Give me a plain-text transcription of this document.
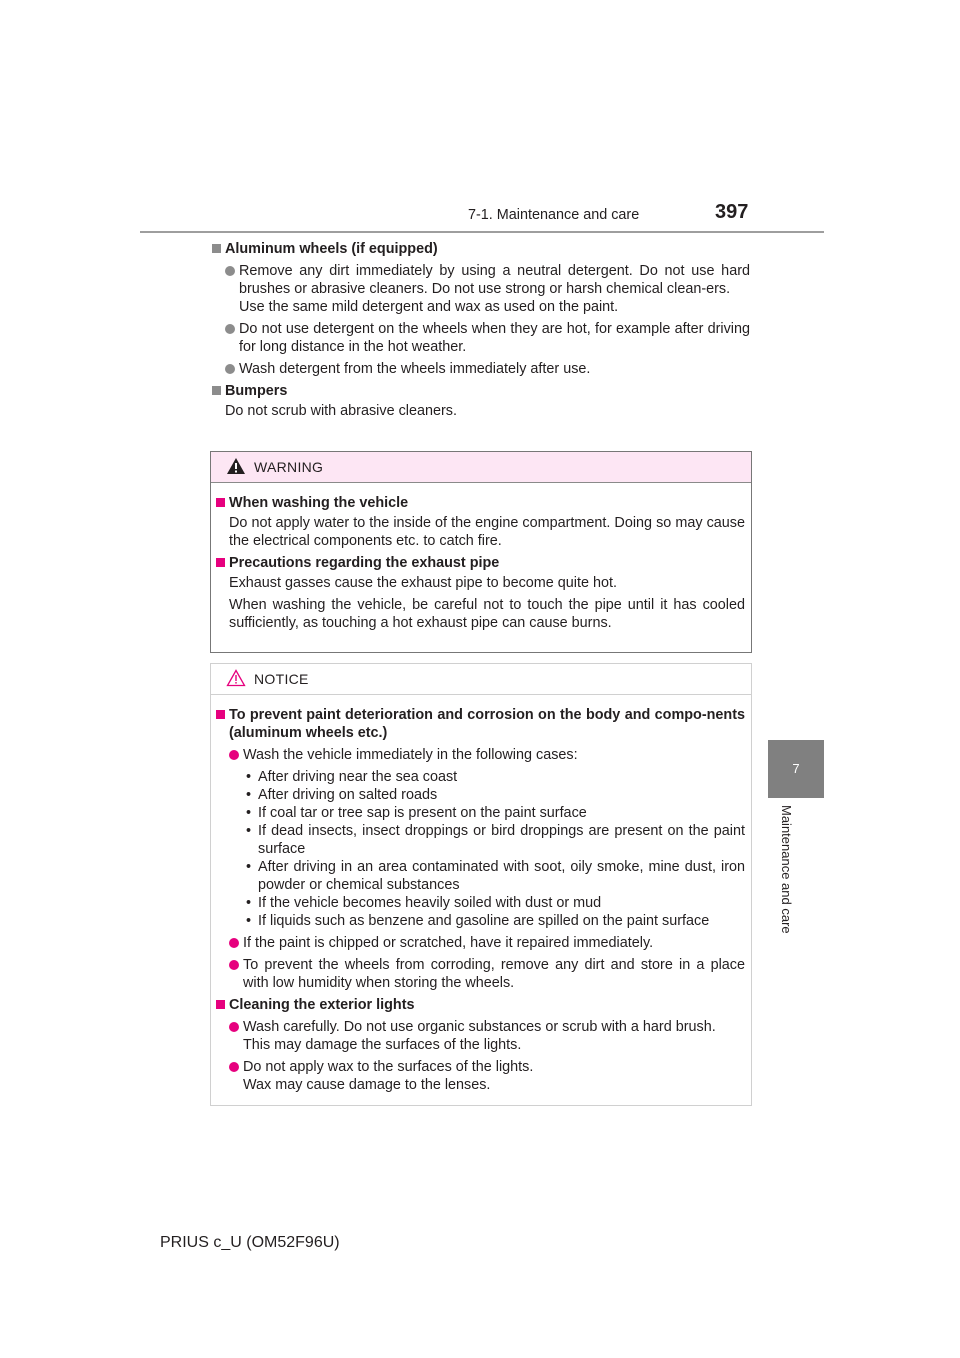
7-1. Maintenance and care	397
7
Maintenance and care
Aluminum wheels (if equipped)
Remove any dirt immediately by using a neutral detergent. Do not use hard brushes or abrasive cleaners. Do not use strong or harsh chemical clean-ers.
Use the same mild detergent and wax as used on the paint.
Do not use detergent on the wheels when they are hot, for example after driving for long distance in the hot weather.
Wash detergent from the wheels immediately after use.
Bumpers
Do not scrub with abrasive cleaners.
WARNING
When washing the vehicle
Do not apply water to the inside of the engine compartment. Doing so may cause the electrical components etc. to catch fire.
Precautions regarding the exhaust pipe
Exhaust gasses cause the exhaust pipe to become quite hot.
When washing the vehicle, be careful not to touch the pipe until it has cooled sufficiently, as touching a hot exhaust pipe can cause burns.
NOTICE
To prevent paint deterioration and corrosion on the body and compo-nents (aluminum wheels etc.)
Wash the vehicle immediately in the following cases:
• After driving near the sea coast
• After driving on salted roads
• If coal tar or tree sap is present on the paint surface
• If dead insects, insect droppings or bird droppings are present on the paint surface
• After driving in an area contaminated with soot, oily smoke, mine dust, iron powder or chemical substances
• If the vehicle becomes heavily soiled with dust or mud
• If liquids such as benzene and gasoline are spilled on the paint surface
If the paint is chipped or scratched, have it repaired immediately.
To prevent the wheels from corroding, remove any dirt and store in a place with low humidity when storing the wheels.
Cleaning the exterior lights
Wash carefully. Do not use organic substances or scrub with a hard brush.
This may damage the surfaces of the lights.
Do not apply wax to the surfaces of the lights.
Wax may cause damage to the lenses.
PRIUS c_U (OM52F96U)
